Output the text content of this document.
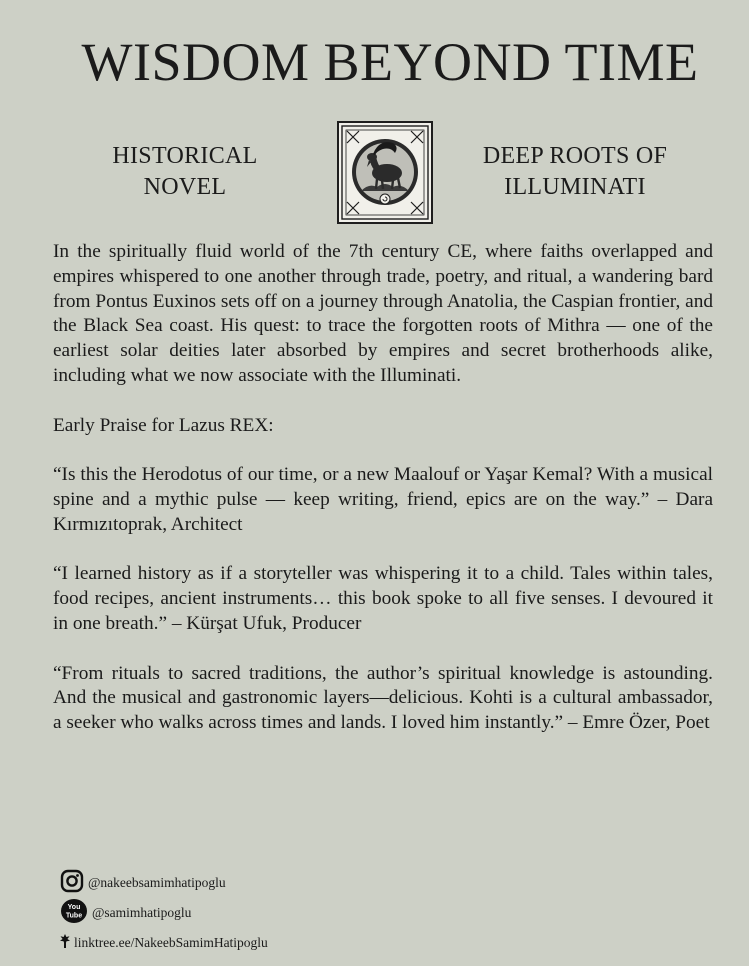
WISDOM BEYOND TIME
HISTORICAL
NOVEL
DEEP ROOTS OF
ILLUMINATI

In the spiritually fluid world of the 7th century CE, where faiths overlapped and empires whispered to one another through trade, poetry, and ritual, a wandering bard from Pontus Euxinos sets off on a journey through Anatolia, the Caspian frontier, and the Black Sea coast. His quest: to trace the forgotten roots of Mithra — one of the earliest solar deities later absorbed by empires and secret brotherhoods alike, including what we now associate with the Illuminati.

Early Praise for Lazus REX:

“Is this the Herodotus of our time, or a new Maalouf or Yaşar Kemal? With a musical spine and a mythic pulse — keep writing, friend, epics are on the way.” – Dara Kırmızıtoprak, Architect

“I learned history as if a storyteller was whispering it to a child. Tales within tales, food recipes, ancient instruments… this book spoke to all five senses. I devoured it in one breath.” – Kürşat Ufuk, Producer

“From rituals to sacred traditions, the author’s spiritual knowledge is astounding. And the musical and gastronomic layers—delicious. Kohti is a cultural ambassador, a seeker who walks across times and lands. I loved him instantly.” – Emre Özer, Poet

@nakeebsamimhatipoglu
You
Tube @samimhatipoglu
linktree.ee/NakeebSamimHatipoglu
